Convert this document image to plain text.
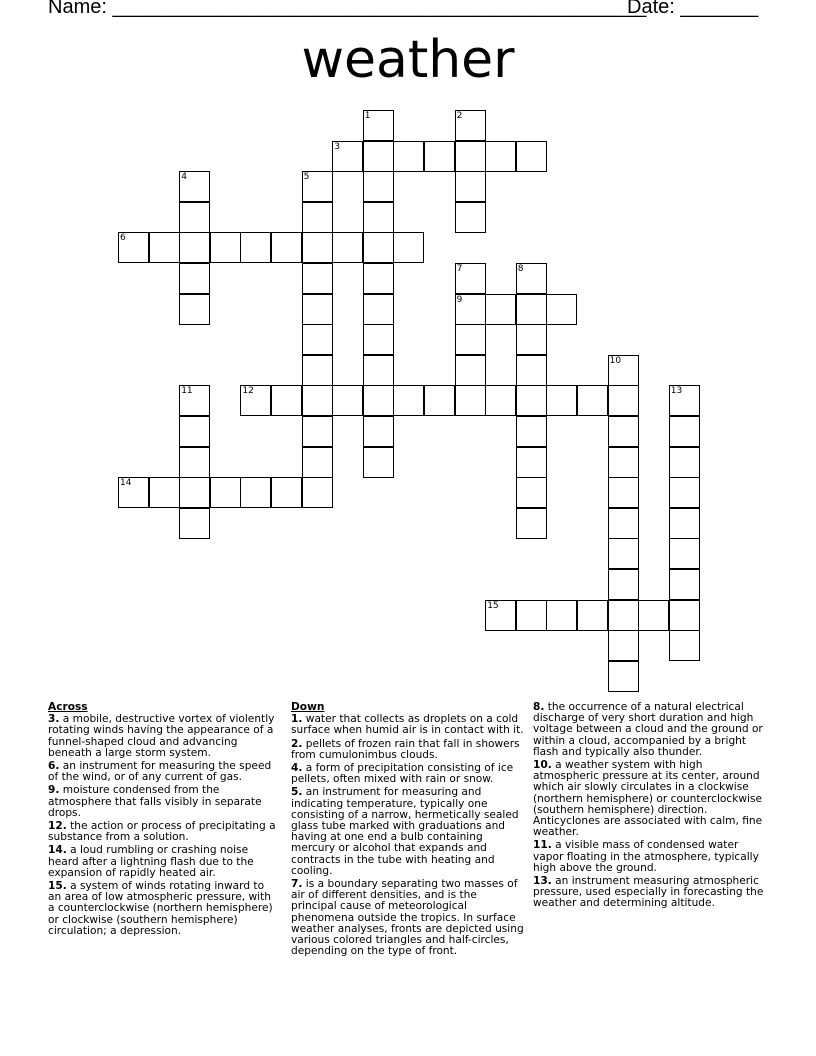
Name: ________________________________________________
Date: _______
weather
1	2
3
4	5
6
7
9
8
10
11	12	13
14
15
Across
3. a mobile, destructive vortex of violently rotating winds having the appearance of a funnel-shaped cloud and advancing beneath a large storm system.
6. an instrument for measuring the speed of the wind, or of any current of gas.
9. moisture condensed from the atmosphere that falls visibly in separate drops.
12. the action or process of precipitating a substance from a solution.
14. a loud rumbling or crashing noise heard after a lightning flash due to the expansion of rapidly heated air.
15. a system of winds rotating inward to an area of low atmospheric pressure, with a counterclockwise (northern hemisphere) or clockwise (southern hemisphere) circulation; a depression.
Down
1. water that collects as droplets on a cold surface when humid air is in contact with it.
2. pellets of frozen rain that fall in showers from cumulonimbus clouds.
4. a form of precipitation consisting of ice pellets, often mixed with rain or snow.
5. an instrument for measuring and indicating temperature, typically one consisting of a narrow, hermetically sealed glass tube marked with graduations and having at one end a bulb containing mercury or alcohol that expands and contracts in the tube with heating and cooling.
7. is a boundary separating two masses of air of different densities, and is the principal cause of meteorological phenomena outside the tropics. In surface weather analyses, fronts are depicted using various colored triangles and half-circles, depending on the type of front.
8. the occurrence of a natural electrical discharge of very short duration and high voltage between a cloud and the ground or within a cloud, accompanied by a bright flash and typically also thunder.
10. a weather system with high atmospheric pressure at its center, around which air slowly circulates in a clockwise (northern hemisphere) or counterclockwise (southern hemisphere) direction. Anticyclones are associated with calm, fine weather.
11. a visible mass of condensed water vapor floating in the atmosphere, typically high above the ground.
13. an instrument measuring atmospheric pressure, used especially in forecasting the weather and determining altitude.
